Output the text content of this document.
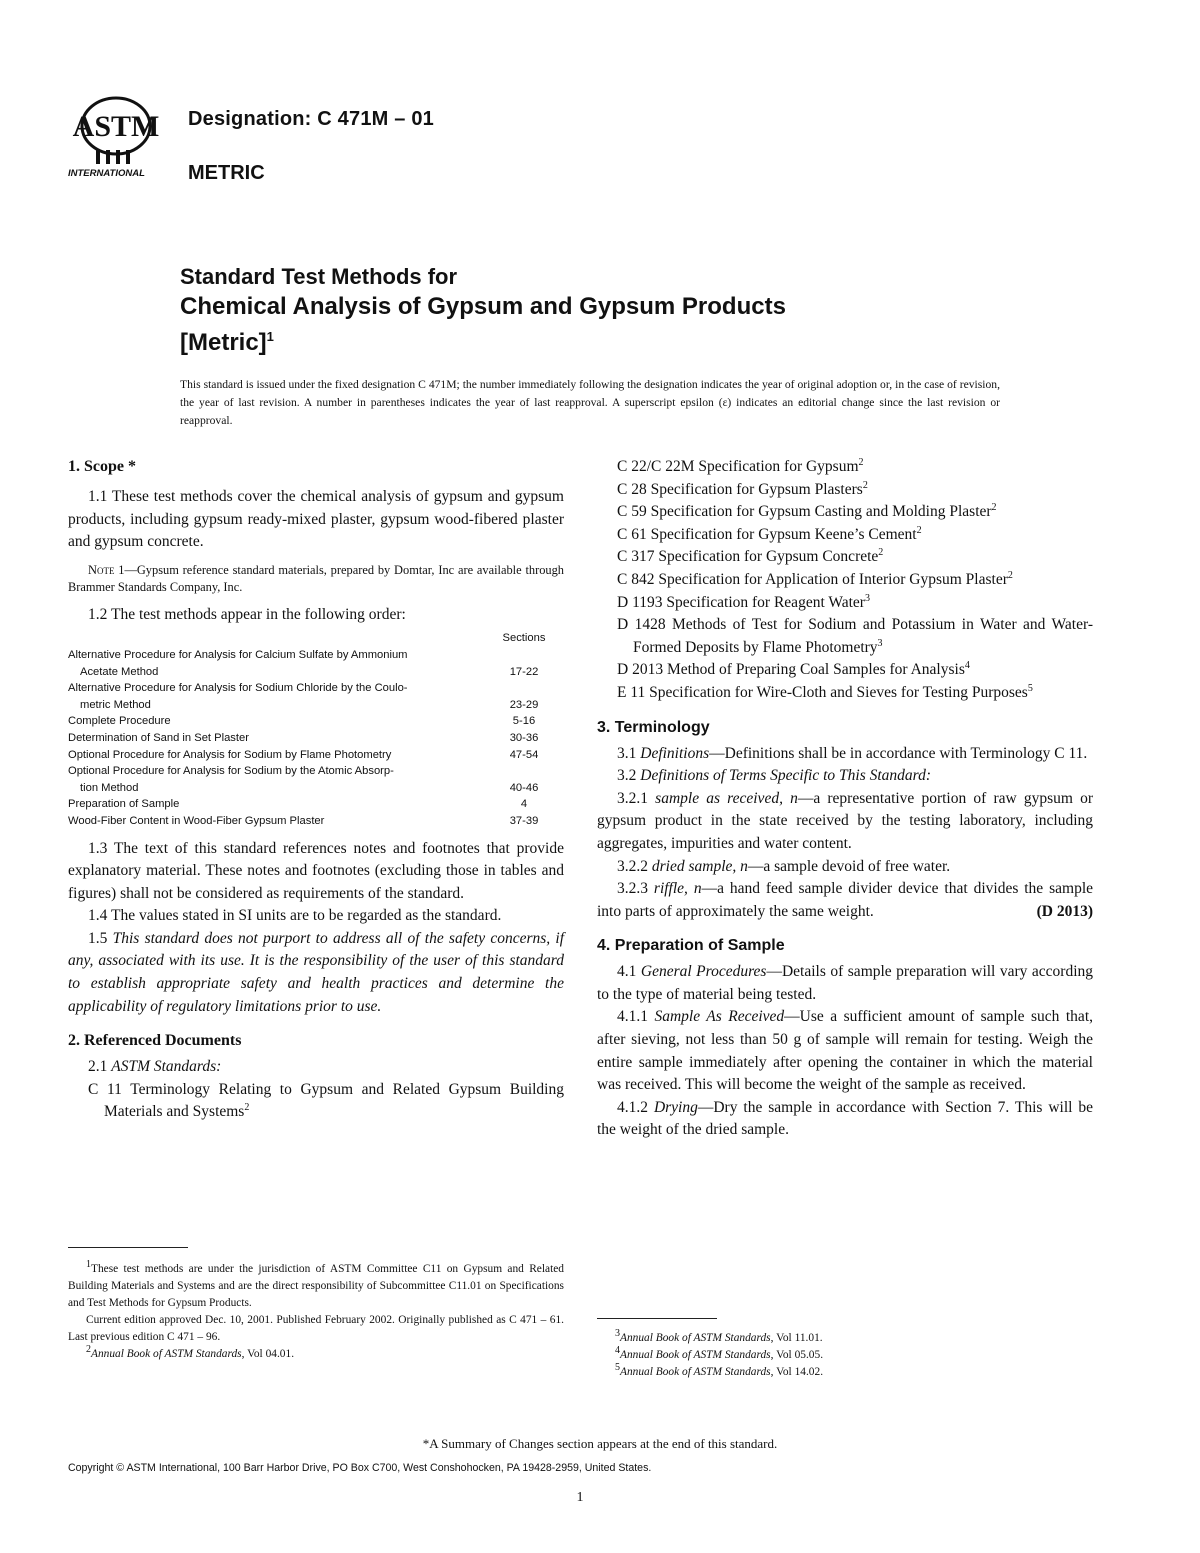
ASTM
INTERNATIONAL
Designation: C 471M – 01
METRIC
Standard Test Methods for
Chemical Analysis of Gypsum and Gypsum Products
[Metric]$^1$
This standard is issued under the fixed designation C 471M; the number immediately following the designation indicates the year of original adoption or, in the case of revision, the year of last revision. A number in parentheses indicates the year of last reapproval. A superscript epsilon (ε) indicates an editorial change since the last revision or reapproval.
1. Scope *

1.1 These test methods cover the chemical analysis of gypsum and gypsum products, including gypsum ready-mixed plaster, gypsum wood-fibered plaster and gypsum concrete.

Note 1—Gypsum reference standard materials, prepared by Domtar, Inc are available through Brammer Standards Company, Inc.

1.2 The test methods appear in the following order:

Sections
Alternative Procedure for Analysis for Calcium Sulfate by Ammonium
Acetate Method	17-22
Alternative Procedure for Analysis for Sodium Chloride by the Coulo-
metric Method	23-29
Complete Procedure	5-16
Determination of Sand in Set Plaster	30-36
Optional Procedure for Analysis for Sodium by Flame Photometry	47-54
Optional Procedure for Analysis for Sodium by the Atomic Absorp-
tion Method	40-46
Preparation of Sample	4
Wood-Fiber Content in Wood-Fiber Gypsum Plaster	37-39

1.3 The text of this standard references notes and footnotes that provide explanatory material. These notes and footnotes (excluding those in tables and figures) shall not be considered as requirements of the standard.

1.4 The values stated in SI units are to be regarded as the standard.

1.5 This standard does not purport to address all of the safety concerns, if any, associated with its use. It is the responsibility of the user of this standard to establish appropriate safety and health practices and determine the applicability of regulatory limitations prior to use.

2. Referenced Documents

2.1 ASTM Standards:

C 11 Terminology Relating to Gypsum and Related Gypsum Building Materials and Systems$^2$

C 22/C 22M Specification for Gypsum$^2$

C 28 Specification for Gypsum Plasters$^2$

C 59 Specification for Gypsum Casting and Molding Plaster$^2$

C 61 Specification for Gypsum Keene’s Cement$^2$

C 317 Specification for Gypsum Concrete$^2$

C 842 Specification for Application of Interior Gypsum Plaster$^2$

D 1193 Specification for Reagent Water$^3$

D 1428 Methods of Test for Sodium and Potassium in Water and Water-Formed Deposits by Flame Photometry$^3$

D 2013 Method of Preparing Coal Samples for Analysis$^4$

E 11 Specification for Wire-Cloth and Sieves for Testing Purposes$^5$

3. Terminology

3.1 Definitions—Definitions shall be in accordance with Terminology C 11.

3.2 Definitions of Terms Specific to This Standard:

3.2.1 sample as received, n—a representative portion of raw gypsum or gypsum product in the state received by the testing laboratory, including aggregates, impurities and water content.

3.2.2 dried sample, n—a sample devoid of free water.

3.2.3 riffle, n—a hand feed sample divider device that divides the sample into parts of approximately the same weight.	(D 2013)

4. Preparation of Sample

4.1 General Procedures—Details of sample preparation will vary according to the type of material being tested.

4.1.1 Sample As Received—Use a sufficient amount of sample such that, after sieving, not less than 50 g of sample will remain for testing. Weigh the entire sample immediately after opening the container in which the material was received. This will become the weight of the sample as received.

4.1.2 Drying—Dry the sample in accordance with Section 7. This will be the weight of the dried sample.

$^1$These test methods are under the jurisdiction of ASTM Committee C11 on Gypsum and Related Building Materials and Systems and are the direct responsibility of Subcommittee C11.01 on Specifications and Test Methods for Gypsum Products.

Current edition approved Dec. 10, 2001. Published February 2002. Originally published as C 471 – 61. Last previous edition C 471 – 96.

$^2$Annual Book of ASTM Standards, Vol 04.01.

$^3$Annual Book of ASTM Standards, Vol 11.01.

$^4$Annual Book of ASTM Standards, Vol 05.05.

$^5$Annual Book of ASTM Standards, Vol 14.02.

*A Summary of Changes section appears at the end of this standard.
Copyright © ASTM International, 100 Barr Harbor Drive, PO Box C700, West Conshohocken, PA 19428-2959, United States.
1
